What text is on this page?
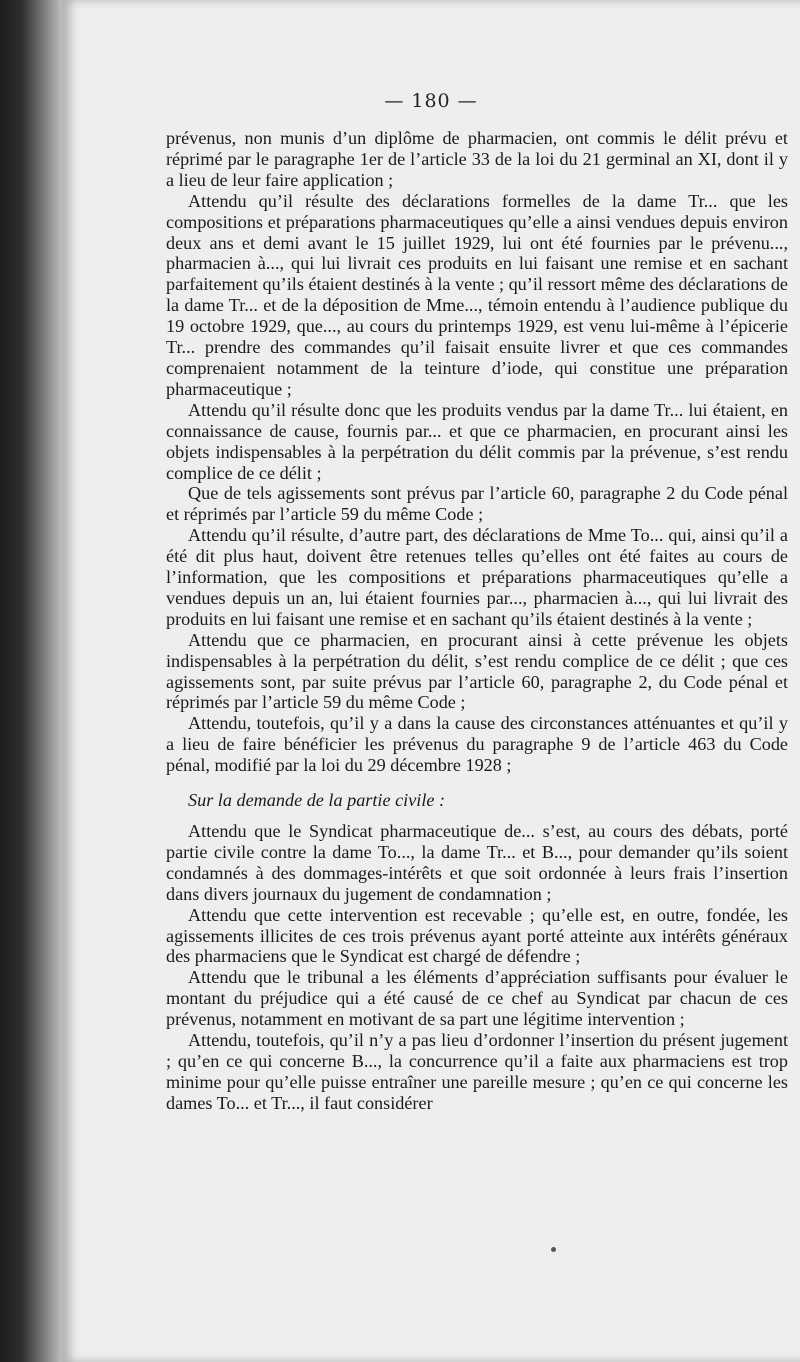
— 180 —

prévenus, non munis d’un diplôme de pharmacien, ont commis le délit prévu et réprimé par le paragraphe 1er de l’article 33 de la loi du 21 germinal an XI, dont il y a lieu de leur faire application ;

Attendu qu’il résulte des déclarations formelles de la dame Tr... que les compositions et préparations pharmaceutiques qu’elle a ainsi vendues depuis environ deux ans et demi avant le 15 juillet 1929, lui ont été fournies par le prévenu..., pharmacien à..., qui lui livrait ces produits en lui faisant une remise et en sachant parfaitement qu’ils étaient destinés à la vente ; qu’il ressort même des déclarations de la dame Tr... et de la déposition de Mme..., témoin entendu à l’audience publique du 19 octobre 1929, que..., au cours du printemps 1929, est venu lui-même à l’épicerie Tr... prendre des commandes qu’il faisait ensuite livrer et que ces commandes comprenaient notamment de la teinture d’iode, qui constitue une préparation pharmaceutique ;

Attendu qu’il résulte donc que les produits vendus par la dame Tr... lui étaient, en connaissance de cause, fournis par... et que ce pharmacien, en procurant ainsi les objets indispensables à la perpétration du délit commis par la prévenue, s’est rendu complice de ce délit ;

Que de tels agissements sont prévus par l’article 60, paragraphe 2 du Code pénal et réprimés par l’article 59 du même Code ;

Attendu qu’il résulte, d’autre part, des déclarations de Mme To... qui, ainsi qu’il a été dit plus haut, doivent être retenues telles qu’elles ont été faites au cours de l’information, que les compositions et préparations pharmaceutiques qu’elle a vendues depuis un an, lui étaient fournies par..., pharmacien à..., qui lui livrait des produits en lui faisant une remise et en sachant qu’ils étaient destinés à la vente ;

Attendu que ce pharmacien, en procurant ainsi à cette prévenue les objets indispensables à la perpétration du délit, s’est rendu complice de ce délit ; que ces agissements sont, par suite prévus par l’article 60, paragraphe 2, du Code pénal et réprimés par l’article 59 du même Code ;

Attendu, toutefois, qu’il y a dans la cause des circonstances atténuantes et qu’il y a lieu de faire bénéficier les prévenus du paragraphe 9 de l’article 463 du Code pénal, modifié par la loi du 29 décembre 1928 ;

Sur la demande de la partie civile :

Attendu que le Syndicat pharmaceutique de... s’est, au cours des débats, porté partie civile contre la dame To..., la dame Tr... et B..., pour demander qu’ils soient condamnés à des dommages-intérêts et que soit ordonnée à leurs frais l’insertion dans divers journaux du jugement de condamnation ;

Attendu que cette intervention est recevable ; qu’elle est, en outre, fondée, les agissements illicites de ces trois prévenus ayant porté atteinte aux intérêts généraux des pharmaciens que le Syndicat est chargé de défendre ;

Attendu que le tribunal a les éléments d’appréciation suffisants pour évaluer le montant du préjudice qui a été causé de ce chef au Syndicat par chacun de ces prévenus, notamment en motivant de sa part une légitime intervention ;

Attendu, toutefois, qu’il n’y a pas lieu d’ordonner l’insertion du présent jugement ; qu’en ce qui concerne B..., la concurrence qu’il a faite aux pharmaciens est trop minime pour qu’elle puisse entraîner une pareille mesure ; qu’en ce qui concerne les dames To... et Tr..., il faut considérer
